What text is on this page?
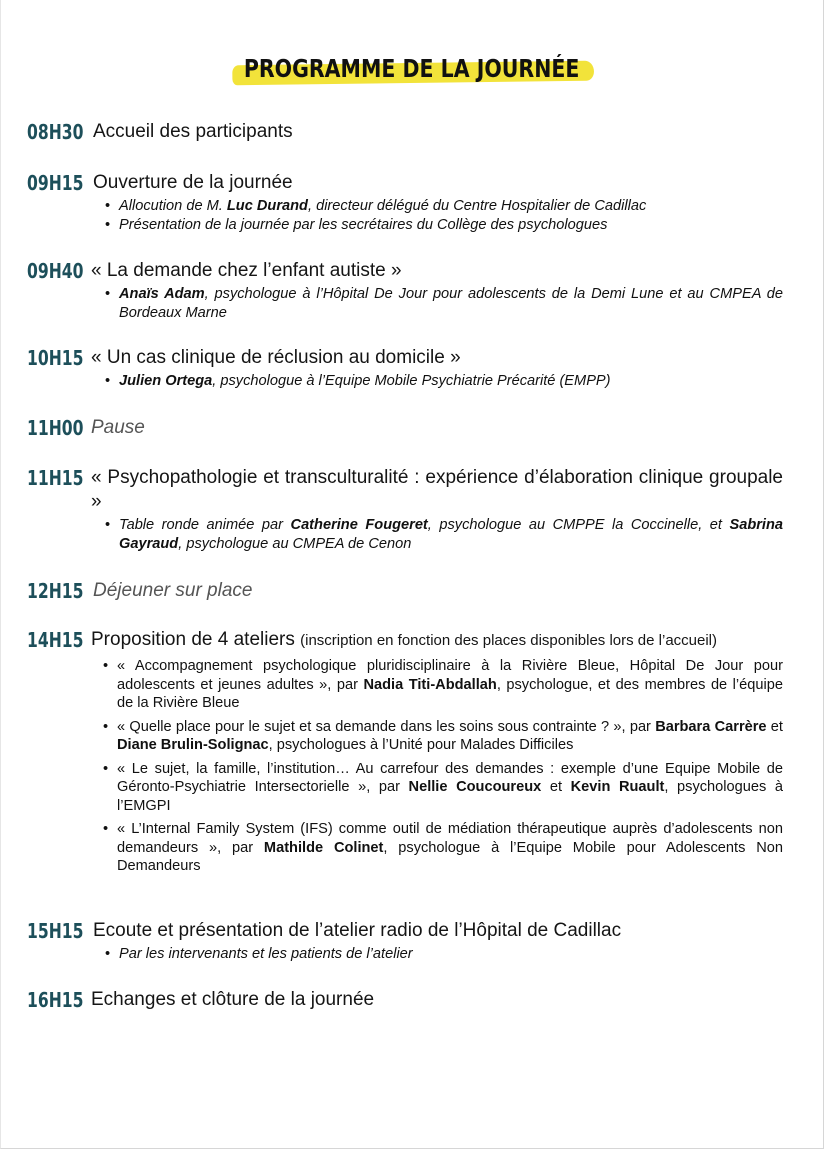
PROGRAMME DE LA JOURNÉE
08H30 Accueil des participants
09H15 Ouverture de la journée
• Allocution de M. Luc Durand, directeur délégué du Centre Hospitalier de Cadillac
• Présentation de la journée par les secrétaires du Collège des psychologues
09H40 « La demande chez l’enfant autiste »
• Anaïs Adam, psychologue à l’Hôpital De Jour pour adolescents de la Demi Lune et au CMPEA de Bordeaux Marne
10H15 « Un cas clinique de réclusion au domicile »
• Julien Ortega, psychologue à l’Equipe Mobile Psychiatrie Précarité (EMPP)
11H00 Pause
11H15 « Psychopathologie et transculturalité : expérience d’élaboration clinique groupale »
• Table ronde animée par Catherine Fougeret, psychologue au CMPPE la Coccinelle, et Sabrina Gayraud, psychologue au CMPEA de Cenon
12H15 Déjeuner sur place
14H15 Proposition de 4 ateliers (inscription en fonction des places disponibles lors de l’accueil)
• « Accompagnement psychologique pluridisciplinaire à la Rivière Bleue, Hôpital De Jour pour adolescents et jeunes adultes », par Nadia Titi-Abdallah, psychologue, et des membres de l’équipe de la Rivière Bleue
• « Quelle place pour le sujet et sa demande dans les soins sous contrainte ? », par Barbara Carrère et Diane Brulin-Solignac, psychologues à l’Unité pour Malades Difficiles
• « Le sujet, la famille, l’institution… Au carrefour des demandes : exemple d’une Equipe Mobile de Géronto-Psychiatrie Intersectorielle », par Nellie Coucoureux et Kevin Ruault, psychologues à l’EMGPI
• « L’Internal Family System (IFS) comme outil de médiation thérapeutique auprès d’adolescents non demandeurs », par Mathilde Colinet, psychologue à l’Equipe Mobile pour Adolescents Non Demandeurs
15H15 Ecoute et présentation de l’atelier radio de l’Hôpital de Cadillac
• Par les intervenants et les patients de l’atelier
16H15 Echanges et clôture de la journée
